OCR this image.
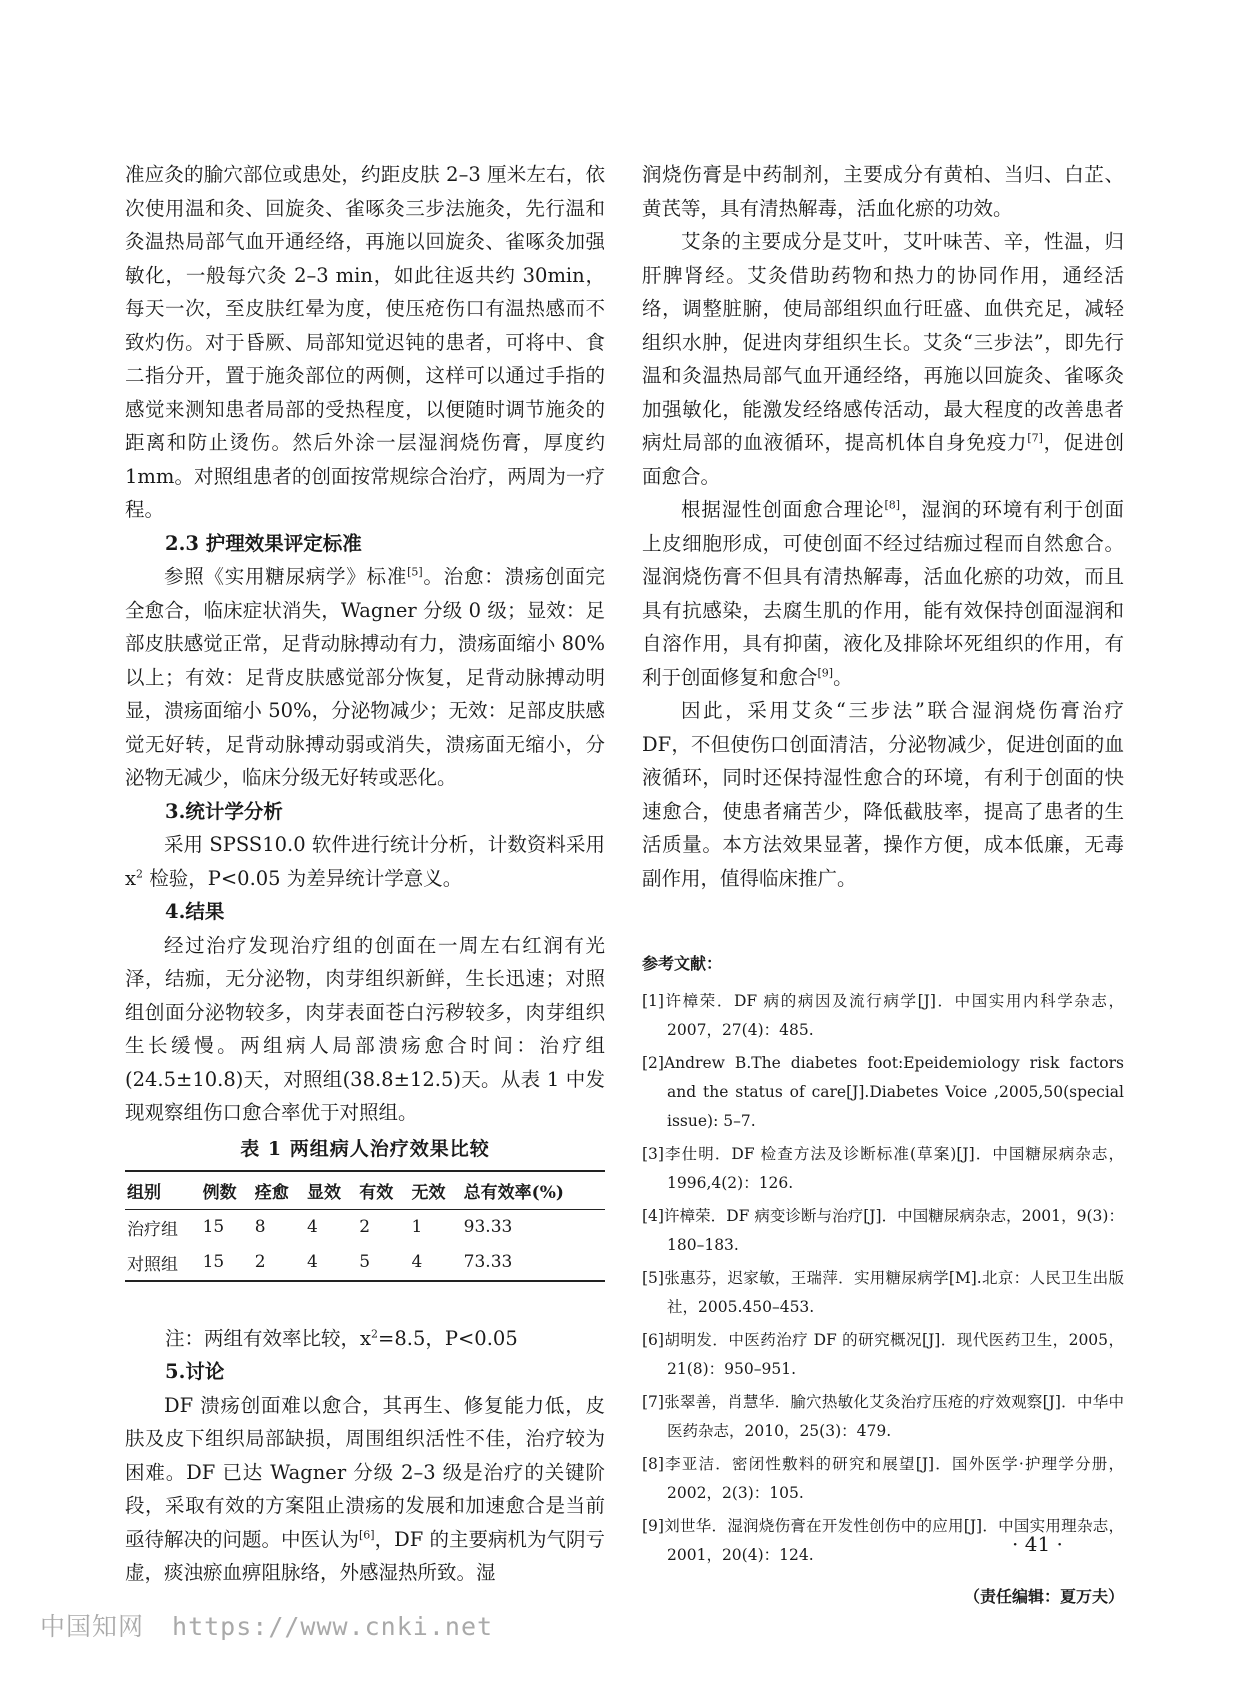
准应灸的腧穴部位或患处，约距皮肤 2–3 厘米左右，依次使用温和灸、回旋灸、雀啄灸三步法施灸，先行温和灸温热局部气血开通经络，再施以回旋灸、雀啄灸加强敏化，一般每穴灸 2–3 min，如此往返共约 30min，每天一次，至皮肤红晕为度，使压疮伤口有温热感而不致灼伤。对于昏厥、局部知觉迟钝的患者，可将中、食二指分开，置于施灸部位的两侧，这样可以通过手指的感觉来测知患者局部的受热程度，以便随时调节施灸的距离和防止烫伤。然后外涂一层湿润烧伤膏，厚度约 1mm。对照组患者的创面按常规综合治疗，两周为一疗程。

2.3 护理效果评定标准

参照《实用糖尿病学》标准[5]。治愈：溃疡创面完全愈合，临床症状消失，Wagner 分级 0 级；显效：足部皮肤感觉正常，足背动脉搏动有力，溃疡面缩小 80%以上；有效：足背皮肤感觉部分恢复，足背动脉搏动明显，溃疡面缩小 50%，分泌物减少；无效：足部皮肤感觉无好转，足背动脉搏动弱或消失，溃疡面无缩小，分泌物无减少，临床分级无好转或恶化。

3.统计学分析

采用 SPSS10.0 软件进行统计分析，计数资料采用 $x^2$ 检验，P<0.05 为差异统计学意义。

4.结果

经过治疗发现治疗组的创面在一周左右红润有光泽，结痂，无分泌物，肉芽组织新鲜，生长迅速；对照组创面分泌物较多，肉芽表面苍白污秽较多，肉芽组织生长缓慢。两组病人局部溃疡愈合时间：治疗组(24.5±10.8)天，对照组(38.8±12.5)天。从表 1 中发现观察组伤口愈合率优于对照组。

表 1 两组病人治疗效果比较
组别	例数	痊愈	显效	有效	无效	总有效率(%)
治疗组	15	8	4	2	1	93.33
对照组	15	2	4	5	4	73.33

注：两组有效率比较，$x^2=8.5$，P<0.05

5.讨论

DF 溃疡创面难以愈合，其再生、修复能力低，皮肤及皮下组织局部缺损，周围组织活性不佳，治疗较为困难。DF 已达 Wagner 分级 2–3 级是治疗的关键阶段，采取有效的方案阻止溃疡的发展和加速愈合是当前亟待解决的问题。中医认为[6]，DF 的主要病机为气阴亏虚，痰浊瘀血痹阻脉络，外感湿热所致。湿

润烧伤膏是中药制剂，主要成分有黄柏、当归、白芷、黄芪等，具有清热解毒，活血化瘀的功效。

艾条的主要成分是艾叶，艾叶味苦、辛，性温，归肝脾肾经。艾灸借助药物和热力的协同作用，通经活络，调整脏腑，使局部组织血行旺盛、血供充足，减轻组织水肿，促进肉芽组织生长。艾灸“三步法”，即先行温和灸温热局部气血开通经络，再施以回旋灸、雀啄灸加强敏化，能激发经络感传活动，最大程度的改善患者病灶局部的血液循环，提高机体自身免疫力[7]，促进创面愈合。

根据湿性创面愈合理论[8]，湿润的环境有利于创面上皮细胞形成，可使创面不经过结痂过程而自然愈合。湿润烧伤膏不但具有清热解毒，活血化瘀的功效，而且具有抗感染，去腐生肌的作用，能有效保持创面湿润和自溶作用，具有抑菌，液化及排除坏死组织的作用，有利于创面修复和愈合[9]。

因此，采用艾灸“三步法”联合湿润烧伤膏治疗 DF，不但使伤口创面清洁，分泌物减少，促进创面的血液循环，同时还保持湿性愈合的环境，有利于创面的快速愈合，使患者痛苦少，降低截肢率，提高了患者的生活质量。本方法效果显著，操作方便，成本低廉，无毒副作用，值得临床推广。

参考文献：

[1]许樟荣．DF 病的病因及流行病学[J]．中国实用内科学杂志，2007，27(4)：485.

[2]Andrew B.The diabetes foot:Epeidemiology risk factors and the status of care[J].Diabetes Voice ,2005,50(special issue): 5–7.

[3]李仕明．DF 检查方法及诊断标准(草案)[J]．中国糖尿病杂志，1996,4(2)：126.

[4]许樟荣．DF 病变诊断与治疗[J]．中国糖尿病杂志，2001，9(3)：180–183.

[5]张惠芬，迟家敏，王瑞萍．实用糖尿病学[M].北京：人民卫生出版社，2005.450–453.

[6]胡明发．中医药治疗 DF 的研究概况[J]．现代医药卫生，2005，21(8)：950–951.

[7]张翠善，肖慧华．腧穴热敏化艾灸治疗压疮的疗效观察[J]．中华中医药杂志，2010，25(3)：479.

[8]李亚洁．密闭性敷料的研究和展望[J]．国外医学·护理学分册，2002，2(3)：105.

[9]刘世华．湿润烧伤膏在开发性创伤中的应用[J]．中国实用理杂志，2001，20(4)：124.

（责任编辑：夏万夫）
· 41 ·
中国知网 https://www.cnki.net
